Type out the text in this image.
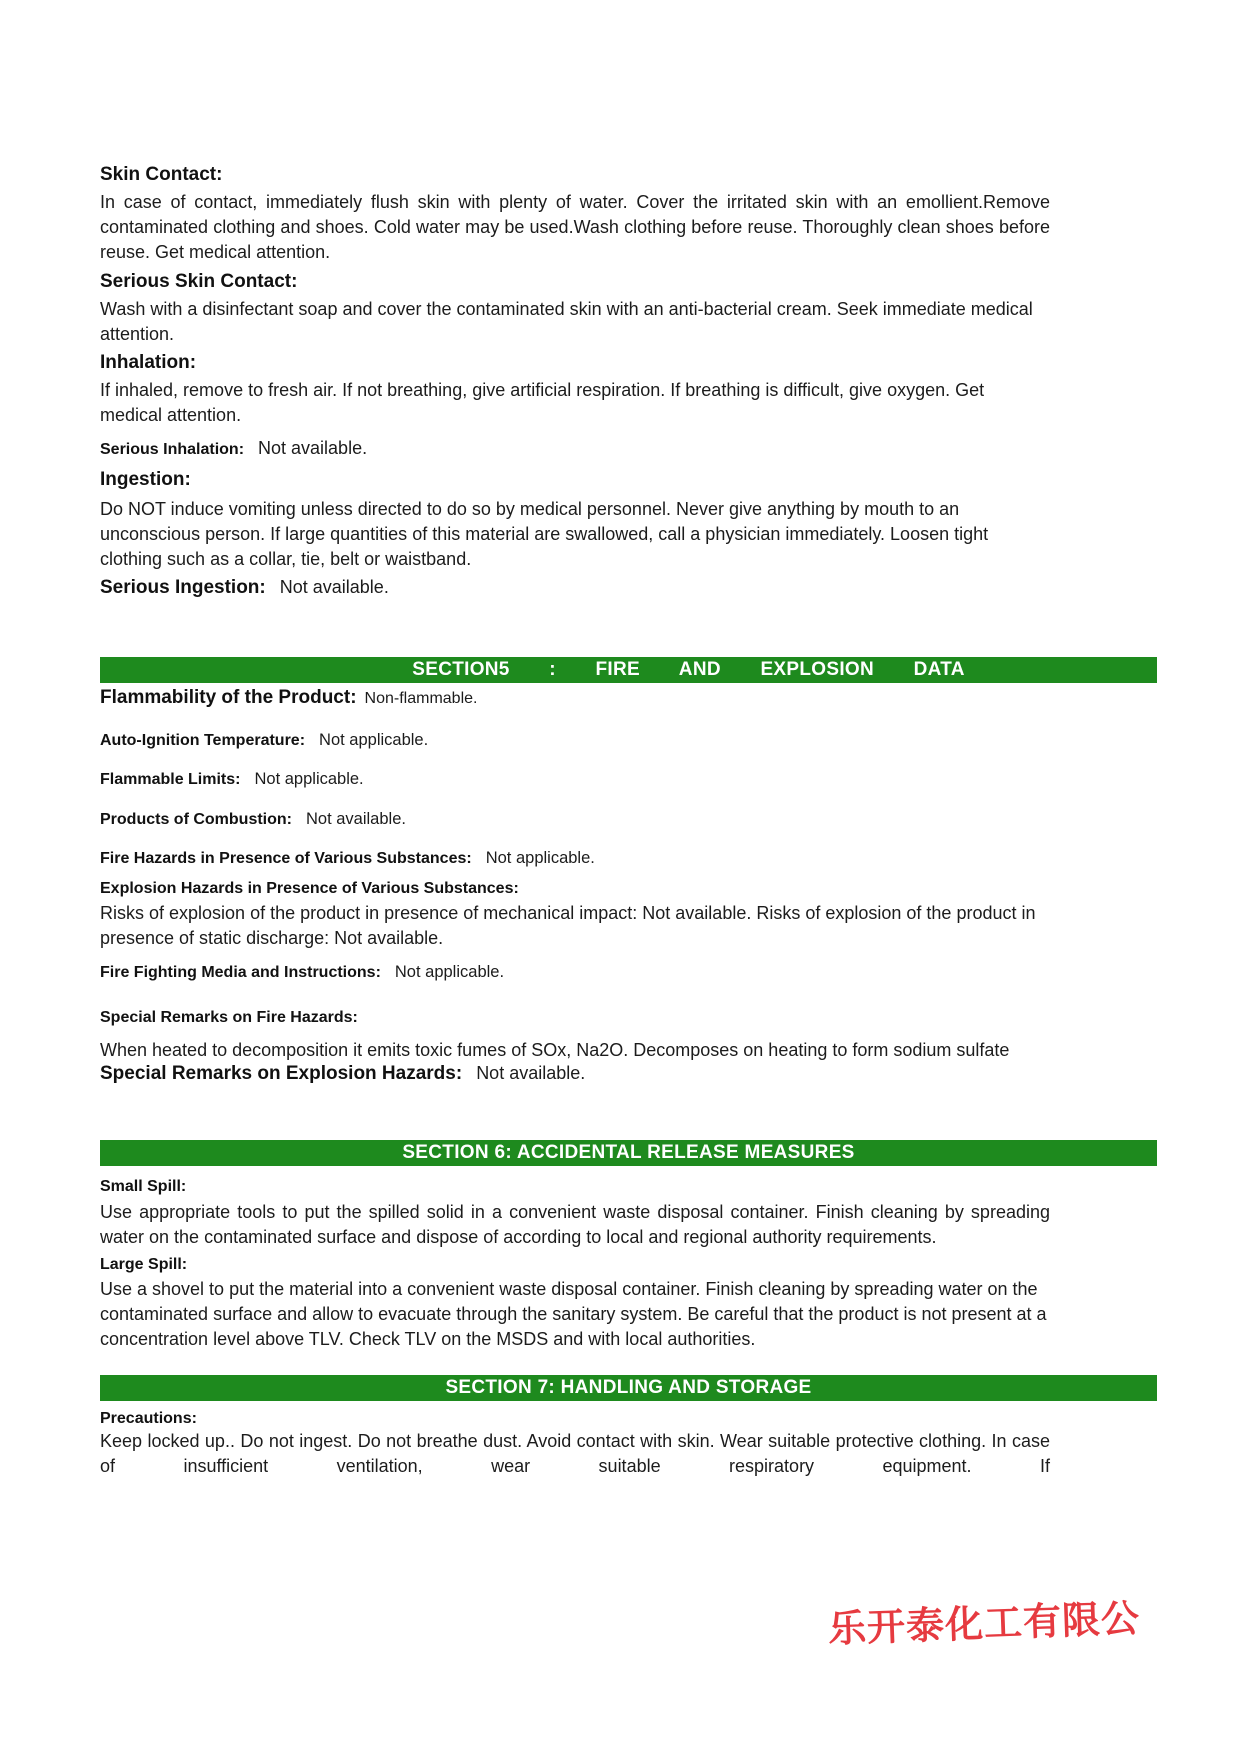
Skin Contact:

In case of contact, immediately flush skin with plenty of water. Cover the irritated skin with an emollient.Remove contaminated clothing and shoes. Cold water may be used.Wash clothing before reuse. Thoroughly clean shoes before reuse. Get medical attention.

Serious Skin Contact:

Wash with a disinfectant soap and cover the contaminated skin with an anti-bacterial cream. Seek immediate medical attention.

Inhalation:

If inhaled, remove to fresh air. If not breathing, give artificial respiration. If breathing is difficult, give oxygen. Get medical attention.

Serious Inhalation: Not available.

Ingestion:

Do NOT induce vomiting unless directed to do so by medical personnel. Never give anything by mouth to an unconscious person. If large quantities of this material are swallowed, call a physician immediately. Loosen tight clothing such as a collar, tie, belt or waistband.

Serious Ingestion: Not available.

SECTION5 : FIRE AND EXPLOSION DATA

Flammability of the Product: Non-flammable.

Auto-Ignition Temperature: Not applicable.

Flammable Limits: Not applicable.

Products of Combustion: Not available.

Fire Hazards in Presence of Various Substances: Not applicable.

Explosion Hazards in Presence of Various Substances:

Risks of explosion of the product in presence of mechanical impact: Not available. Risks of explosion of the product in presence of static discharge: Not available.

Fire Fighting Media and Instructions: Not applicable.

Special Remarks on Fire Hazards:

When heated to decomposition it emits toxic fumes of SOx, Na2O. Decomposes on heating to form sodium sulfate

Special Remarks on Explosion Hazards: Not available.

SECTION 6: ACCIDENTAL RELEASE MEASURES
Small Spill:

Use appropriate tools to put the spilled solid in a convenient waste disposal container. Finish cleaning by spreading water on the contaminated surface and dispose of according to local and regional authority requirements.

Large Spill:

Use a shovel to put the material into a convenient waste disposal container. Finish cleaning by spreading water on the contaminated surface and allow to evacuate through the sanitary system. Be careful that the product is not present at a concentration level above TLV. Check TLV on the MSDS and with local authorities.

SECTION 7: HANDLING AND STORAGE
Precautions:

Keep locked up.. Do not ingest. Do not breathe dust. Avoid contact with skin. Wear suitable protective clothing. In case of insufficient ventilation, wear suitable respiratory equipment. If

乐开泰化工有限公
